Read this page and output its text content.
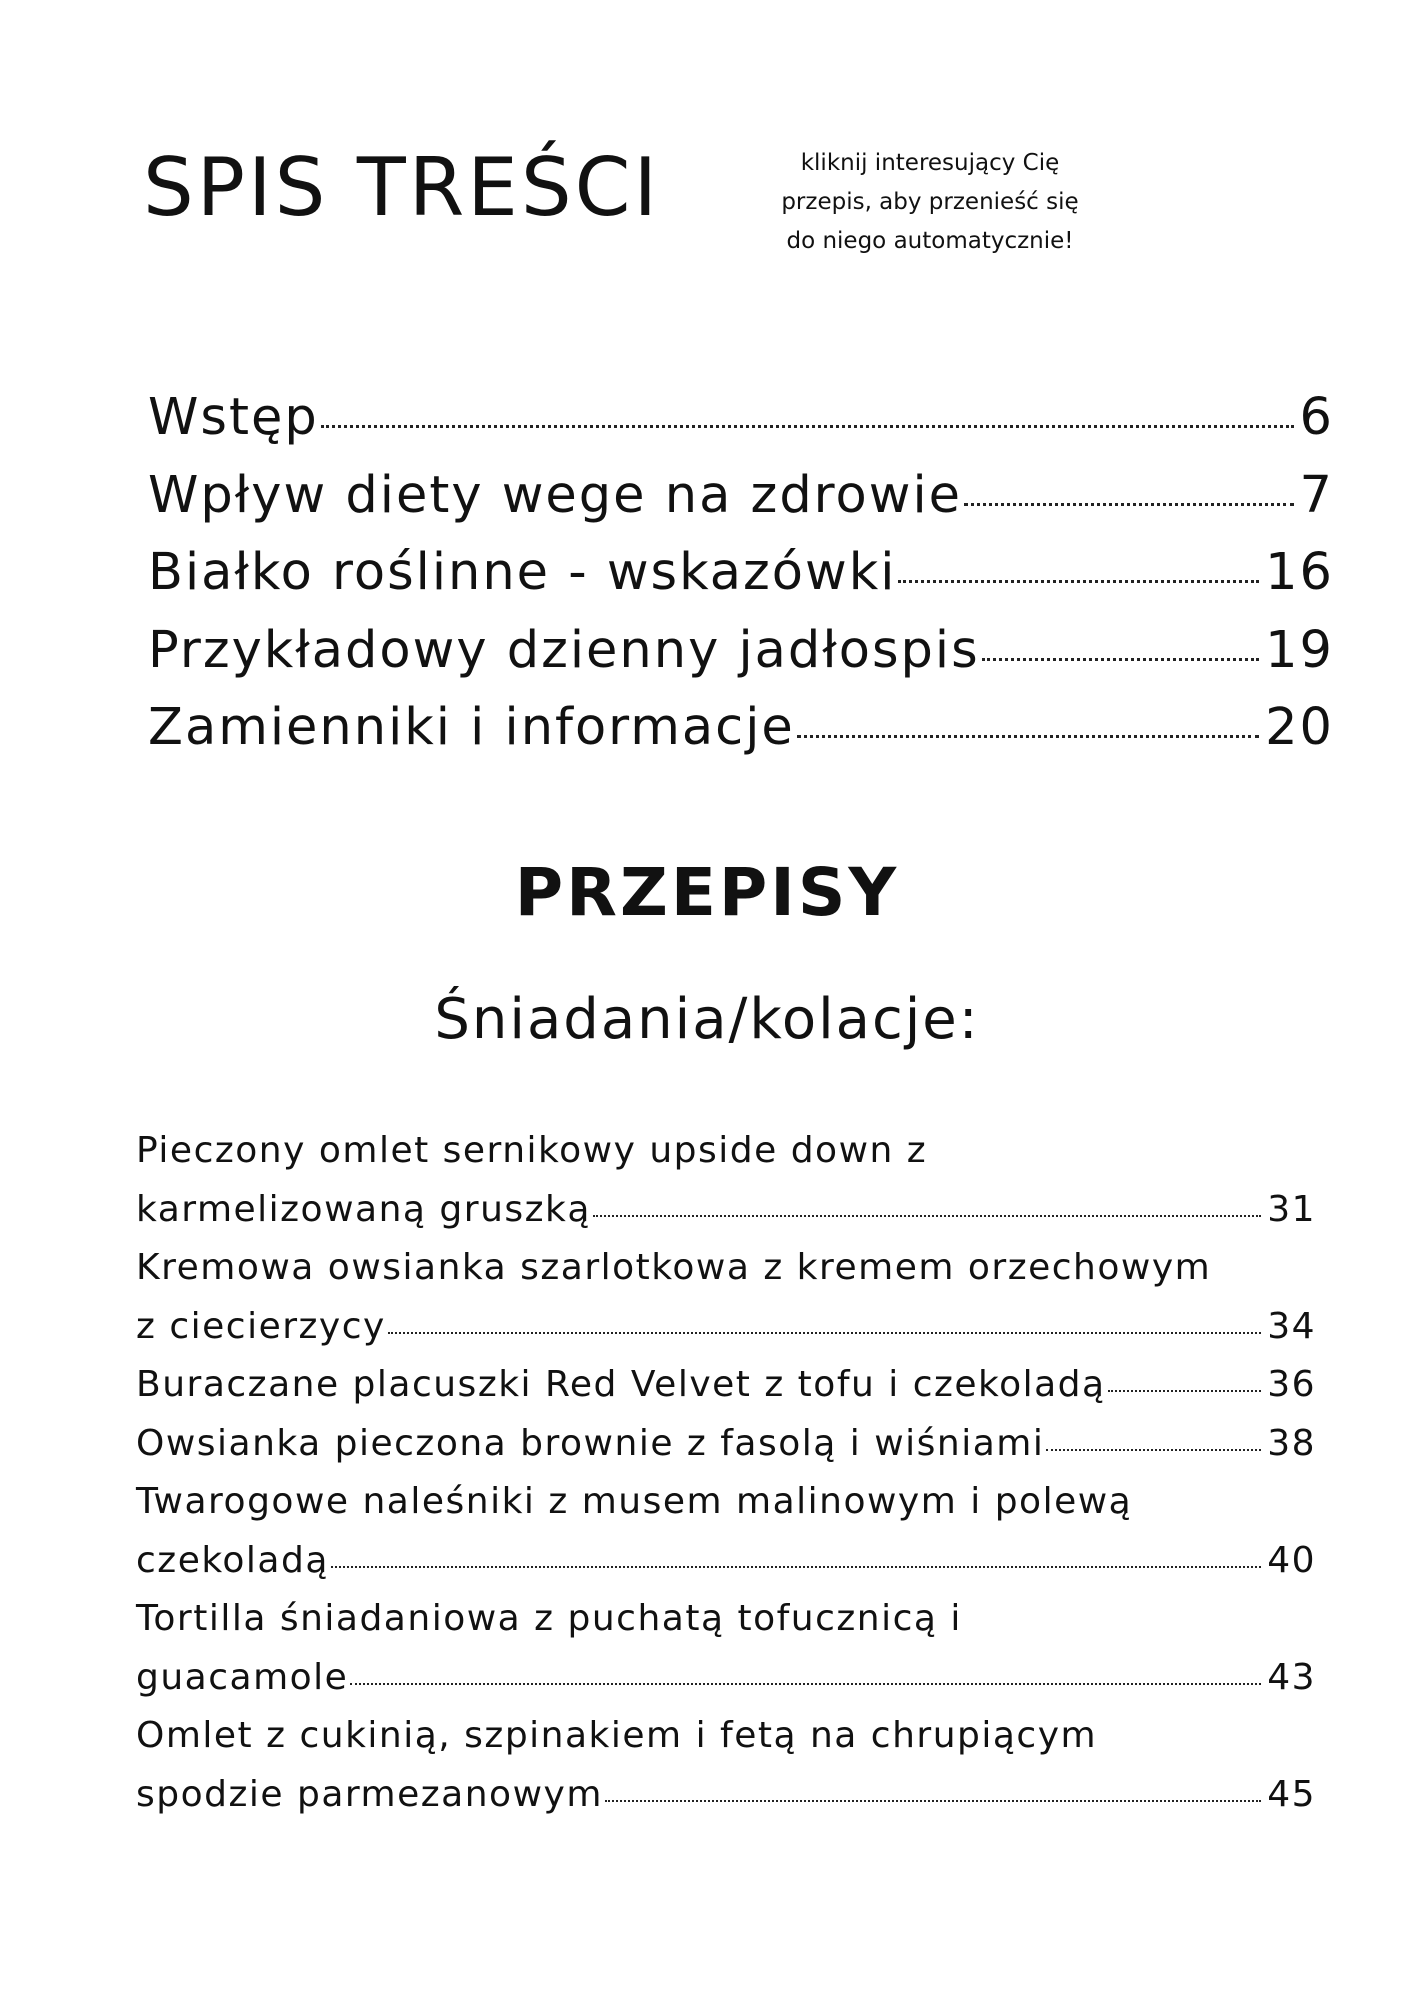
SPIS TREŚCI	kliknij interesujący Cię
przepis, aby przenieść się
do niego automatycznie!
Wstęp	6
Wpływ diety wege na zdrowie	7
Białko roślinne - wskazówki	16
Przykładowy dzienny jadłospis	19
Zamienniki i informacje	20
PRZEPISY
Śniadania/kolacje:
Pieczony omlet sernikowy upside down z
karmelizowaną gruszką	31
Kremowa owsianka szarlotkowa z kremem orzechowym
z ciecierzycy	34
Buraczane placuszki Red Velvet z tofu i czekoladą	36
Owsianka pieczona brownie z fasolą i wiśniami	38
Twarogowe naleśniki z musem malinowym i polewą
czekoladą	40
Tortilla śniadaniowa z puchatą tofucznicą i
guacamole	43
Omlet z cukinią, szpinakiem i fetą na chrupiącym
spodzie parmezanowym	45
